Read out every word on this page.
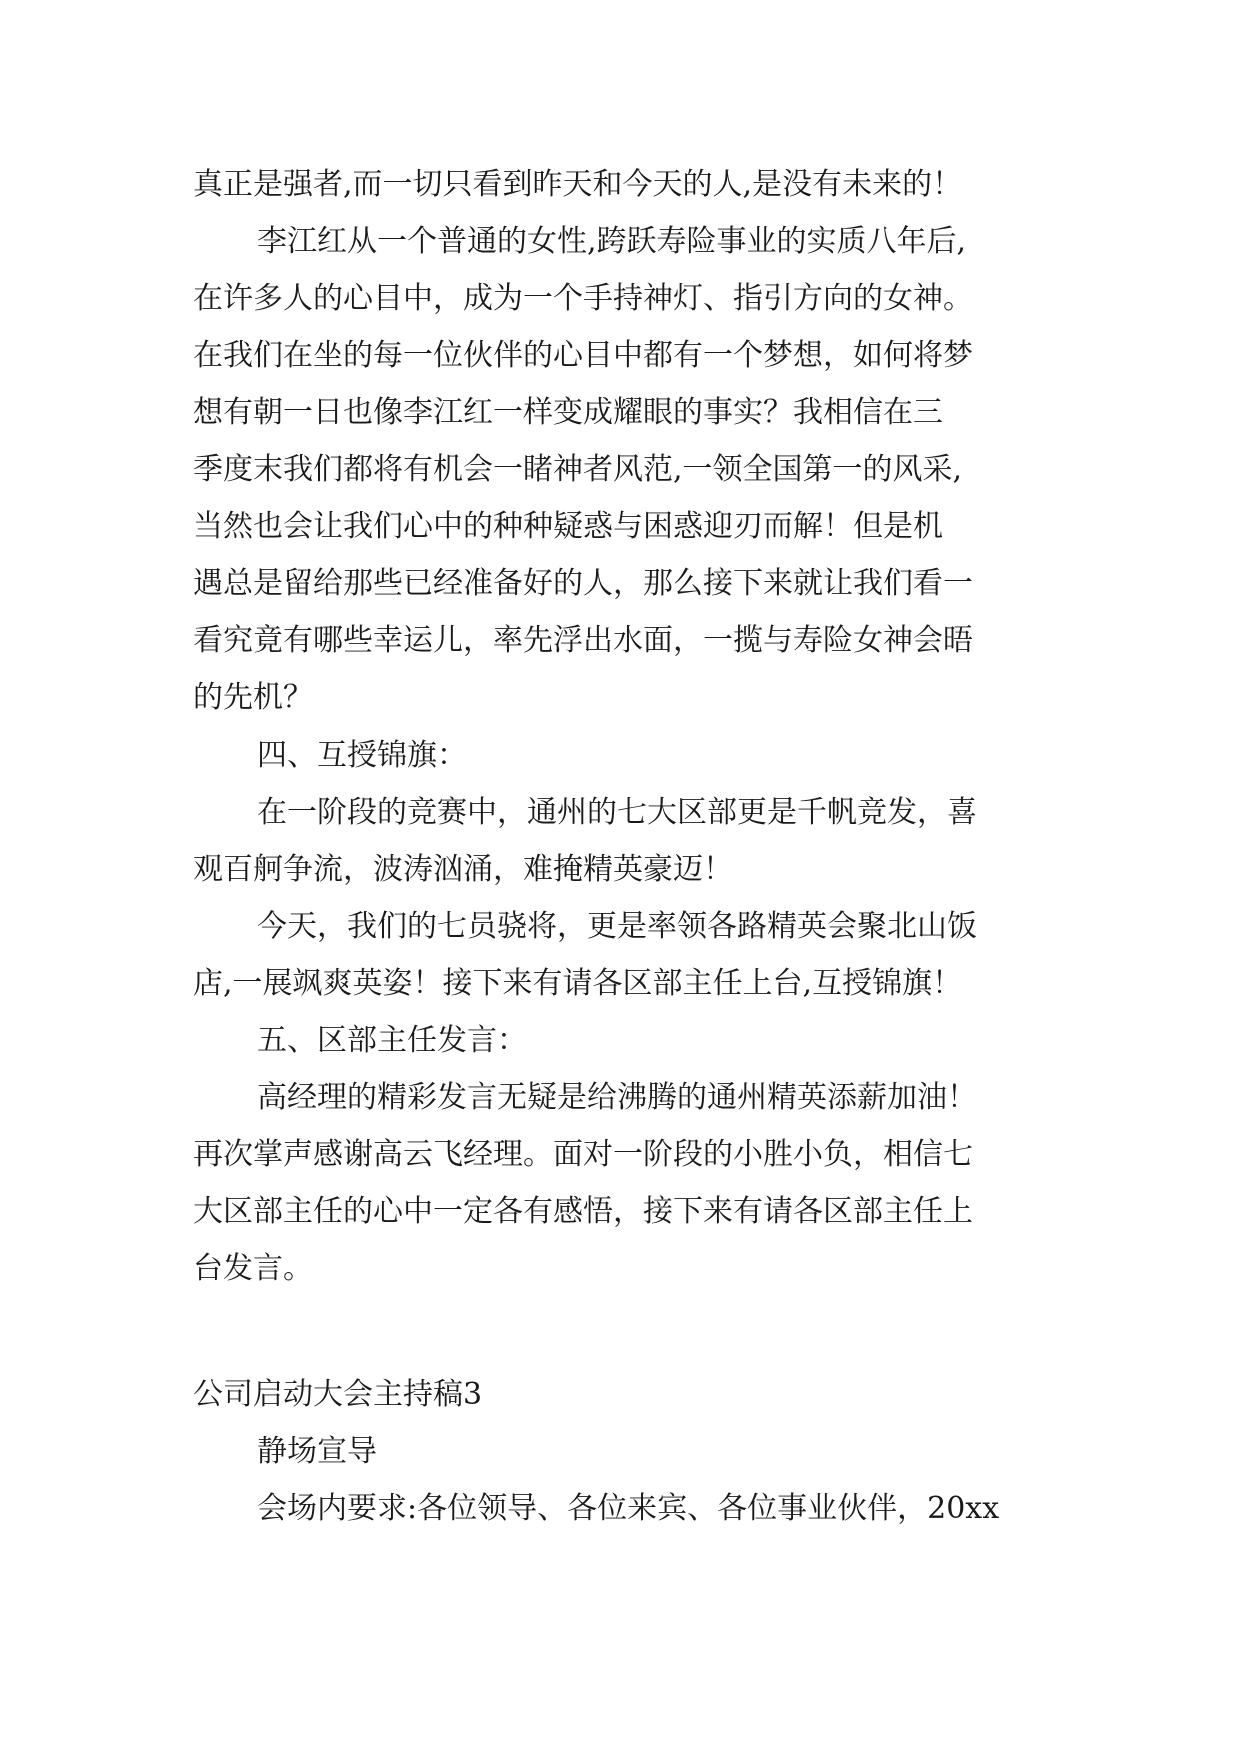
真正是强者,而一切只看到昨天和今天的人,是没有未来的！
李江红从一个普通的女性,跨跃寿险事业的实质八年后,
在许多人的心目中，成为一个手持神灯、指引方向的女神。
在我们在坐的每一位伙伴的心目中都有一个梦想，如何将梦
想有朝一日也像李江红一样变成耀眼的事实？我相信在三
季度末我们都将有机会一睹神者风范,一领全国第一的风采,
当然也会让我们心中的种种疑惑与困惑迎刃而解！但是机
遇总是留给那些已经准备好的人，那么接下来就让我们看一
看究竟有哪些幸运儿，率先浮出水面，一揽与寿险女神会晤
的先机？
四、互授锦旗：
在一阶段的竞赛中，通州的七大区部更是千帆竞发，喜
观百舸争流，波涛汹涌，难掩精英豪迈！
今天，我们的七员骁将，更是率领各路精英会聚北山饭
店,一展飒爽英姿！接下来有请各区部主任上台,互授锦旗！
五、区部主任发言：
高经理的精彩发言无疑是给沸腾的通州精英添薪加油！
再次掌声感谢高云飞经理。面对一阶段的小胜小负，相信七
大区部主任的心中一定各有感悟，接下来有请各区部主任上
台发言。
公司启动大会主持稿3
静场宣导
会场内要求:各位领导、各位来宾、各位事业伙伴，20xx
